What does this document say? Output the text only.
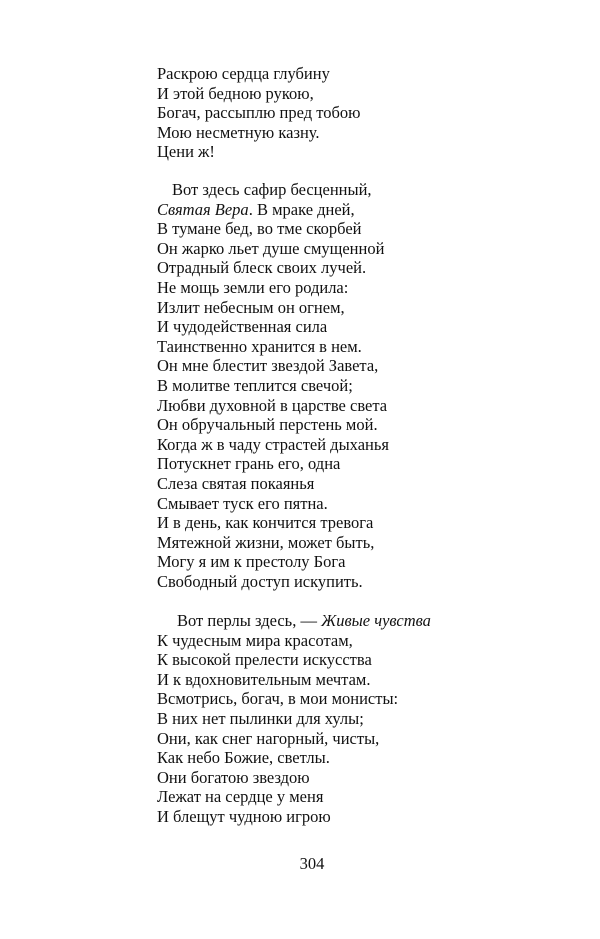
Раскрою сердца глубину
И этой бедною рукою,
Богач, рассыплю пред тобою
Мою несметную казну.
Цени ж!
Вот здесь сафир бесценный,
Святая Вера. В мраке дней,
В тумане бед, во тме скорбей
Он жарко льет душе смущенной
Отрадный блеск своих лучей.
Не мощь земли его родила:
Излит небесным он огнем,
И чудодейственная сила
Таинственно хранится в нем.
Он мне блестит звездой Завета,
В молитве теплится свечой;
Любви духовной в царстве света
Он обручальный перстень мой.
Когда ж в чаду страстей дыханья
Потускнет грань его, одна
Слеза святая покаянья
Смывает туск его пятна.
И в день, как кончится тревога
Мятежной жизни, может быть,
Могу я им к престолу Бога
Свободный доступ искупить.
Вот перлы здесь, — Живые чувства
К чудесным мира красотам,
К высокой прелести искусства
И к вдохновительным мечтам.
Всмотрись, богач, в мои монисты:
В них нет пылинки для хулы;
Они, как снег нагорный, чисты,
Как небо Божие, светлы.
Они богатою звездою
Лежат на сердце у меня
И блещут чудною игрою
304
